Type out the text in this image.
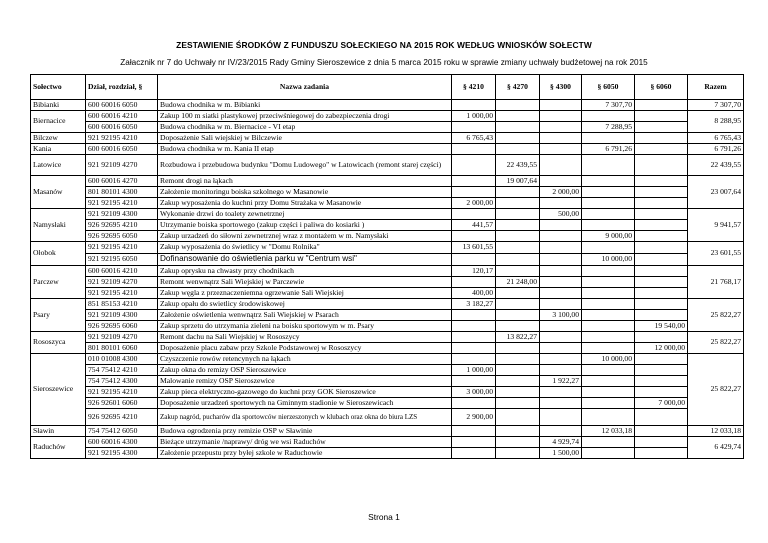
ZESTAWIENIE ŚRODKÓW Z FUNDUSZU SOŁECKIEGO NA 2015 ROK WEDŁUG WNIOSKÓW SOŁECTW
Załacznik nr 7 do Uchwały nr IV/23/2015 Rady Gminy Sieroszewice z dnia 5 marca 2015 roku w sprawie zmiany uchwały budżetowej na rok 2015
Sołectwo	Dział, rozdział, §	Nazwa zadania	§ 4210	§ 4270	§ 4300	§ 6050	§ 6060	Razem
Bibianki	600 60016 6050	Budowa chodnika w m. Bibianki				7 307,70		7 307,70
Biernacice	600 60016 4210	Zakup 100 m siatki plastykowej przeciwśniegowej do zabezpieczenia drogi	1 000,00					8 288,95
	600 60016 6050	Budowa chodnika w m. Biernacice - VI etap				7 288,95		
Bilczew	921 92195 4210	Doposażenie Sali wiejskiej w Bilczewie	6 765,43					6 765,43
Kania	600 60016 6050	Budowa chodnika w m. Kania II etap				6 791,26		6 791,26
Latowice	921 92109 4270	Rozbudowa i przebudowa budynku "Domu Ludowego" w Latowicach (remont starej części)		22 439,55				22 439,55
Masanów	600 60016 4270	Remont drogi na łąkach		19 007,64				23 007,64
	801 80101 4300	Założenie monitoringu boiska szkolnego w Masanowie			2 000,00			
	921 92195 4210	Zakup wyposażenia do kuchni przy Domu Strażaka w Masanowie	2 000,00					
Namysłaki	921 92109 4300	Wykonanie drzwi do toalety zewnetrznej			500,00			9 941,57
	926 92695 4210	Utrzymanie boiska sportowego (zakup części i paliwa do kosiarki )	441,57					
	926 92695 6050	Zakup urzadzeń do siłowni zewnetrznej wraz z montażem w m. Namysłaki				9 000,00		
Ołobok	921 92195 4210	Zakup wyposażenia do świetlicy w "Domu Rolnika"	13 601,55					23 601,55
	921 92195 6050	Dofinansowanie do oświetlenia parku w "Centrum wsi"				10 000,00		
Parczew	600 60016 4210	Zakup oprysku na chwasty przy chodnikach	120,17					21 768,17
	921 92109 4270	Remont wenwnątrz Sali Wiejskiej w Parczewie		21 248,00				
	921 92195 4210	Zakup węgla z przeznaczeniemna ogrzewanie Sali Wiejskiej	400,00					
Psary	851 85153 4210	Zakup opału do swietlicy środowiskowej	3 182,27					25 822,27
	921 92109 4300	Założenie oświetlenia wenwnątrz Sali Wiejskiej w Psarach			3 100,00			
	926 92695 6060	Zakup sprzetu do utrzymania zieleni na boisku sportowym w m. Psary					19 540,00	
Rososzyca	921 92109 4270	Remont dachu na Sali Wiejskiej w Rososzycy		13 822,27				25 822,27
	801 80101 6060	Doposażenie placu zabaw przy Szkole Podstawowej w Rososzycy					12 000,00	
Sieroszewice	010 01008 4300	Czyszczenie rowów retencynych na łąkach				10 000,00		25 822,27
	754 75412 4210	Zakup okna do remizy OSP Sieroszewice	1 000,00					
	754 75412 4300	Malowanie remizy OSP Sieroszewice			1 922,27			
	921 92195 4210	Zakup pieca elektryczno-gazowego do kuchni przy GOK Sieroszewice	3 000,00					
	926 92601 6060	Doposażenie urzadzeń sportowych na Gminnym stadionie w Sieroszewicach					7 000,00	
	926 92695 4210	Zakup nagród, pucharów dla sportowców nierzeszonych w klubach oraz okna do biura LZS	2 900,00					
Sławin	754 75412 6050	Budowa ogrodzenia przy remizie OSP w Sławinie				12 033,18		12 033,18
Raduchów	600 60016 4300	Bieżące utrzymanie /naprawy/ dróg we wsi Raduchów			4 929,74			6 429,74
	921 92195 4300	Założenie przepustu przy byłej szkole w Raduchowie			1 500,00			
Strona 1
